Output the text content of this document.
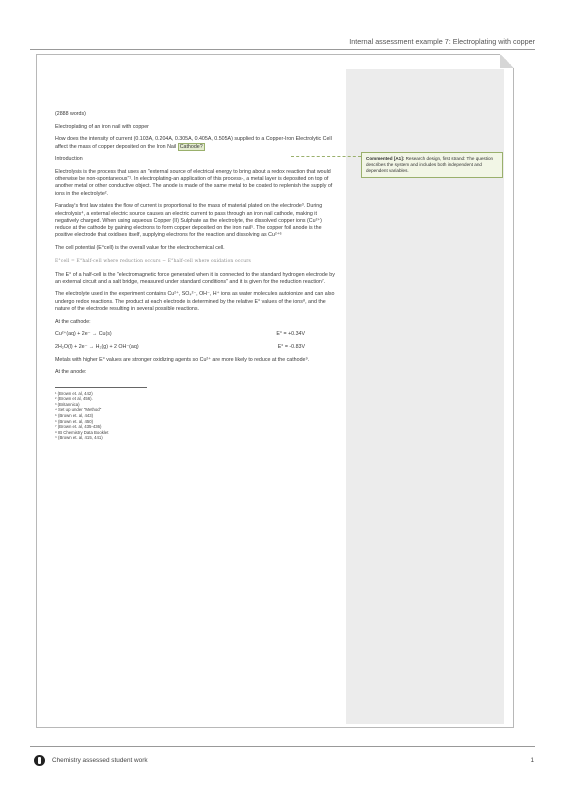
Internal assessment example 7: Electroplating with copper
Commented [A1]: Research design, first strand: The question describes the system and includes both independent and dependent variables.

(2888 words)

Electroplating of an iron nail with copper

How does the intensity of current (0.103A, 0.204A, 0.305A, 0.405A, 0.505A) supplied to a Copper-Iron Electrolytic Cell affect the mass of copper deposited on the Iron Nail Cathode?

Introduction

Electrolysis is the process that uses an "external source of electrical energy to bring about a redox reaction that would otherwise be non-spontaneous"¹. In electroplating-an application of this process-, a metal layer is deposited on top of another metal or other conductive object. The anode is made of the same metal to be coated to replenish the supply of ions in the electrolyte².

Faraday's first law states the flow of current is proportional to the mass of material plated on the electrode³. During electrolysis⁴, a external electric source causes an electric current to pass through an iron nail cathode, making it negatively charged. When using aqueous Copper (II) Sulphate as the electrolyte, the dissolved copper ions (Cu²⁺) reduce at the cathode by gaining electrons to form copper deposited on the iron nail⁵. The copper foil anode is the positive electrode that oxidises itself, supplying electrons for the reaction and dissolving as Cu²⁺⁶

The cell potential (E°cell) is the overall value for the electrochemical cell.

E°cell = E°half-cell where reduction occurs − E°half-cell where oxidation occurs

The E° of a half-cell is the "electromagnetic force generated when it is connected to the standard hydrogen electrode by an external circuit and a salt bridge, measured under standard conditions" and it is given for the reduction reaction⁷.

The electrolyte used in the experiment contains Cu²⁺, SO₄²⁻, OH⁻, H⁺ ions as water molecules autoionize and can also undergo redox reactions. The product at each electrode is determined by the relative E° values of the ions⁸, and the nature of the electrode resulting in several possible reactions.

At the cathode:

Cu²⁺(aq) + 2e⁻ → Cu(s)	E° = +0.34V
2H₂O(l) + 2e⁻ → H₂(g) + 2 OH⁻(aq)	E° = -0.83V

Metals with higher E° values are stronger oxidizing agents so Cu²⁺ are more likely to reduce at the cathode⁹.

At the anode:

¹ (Brown et. al, 442)
² (Brown et al, 456).
³ (Britannica)
⁴ Set up under "Method"
⁵ (Brown et. al, 443)
⁶ (Brown et. al, 450)
⁷ (Brown et. al, 435-436)
⁸ IB Chemistry Data Booklet
⁹ (Brown et. al, 415, 441)
Chemistry assessed student work	1
